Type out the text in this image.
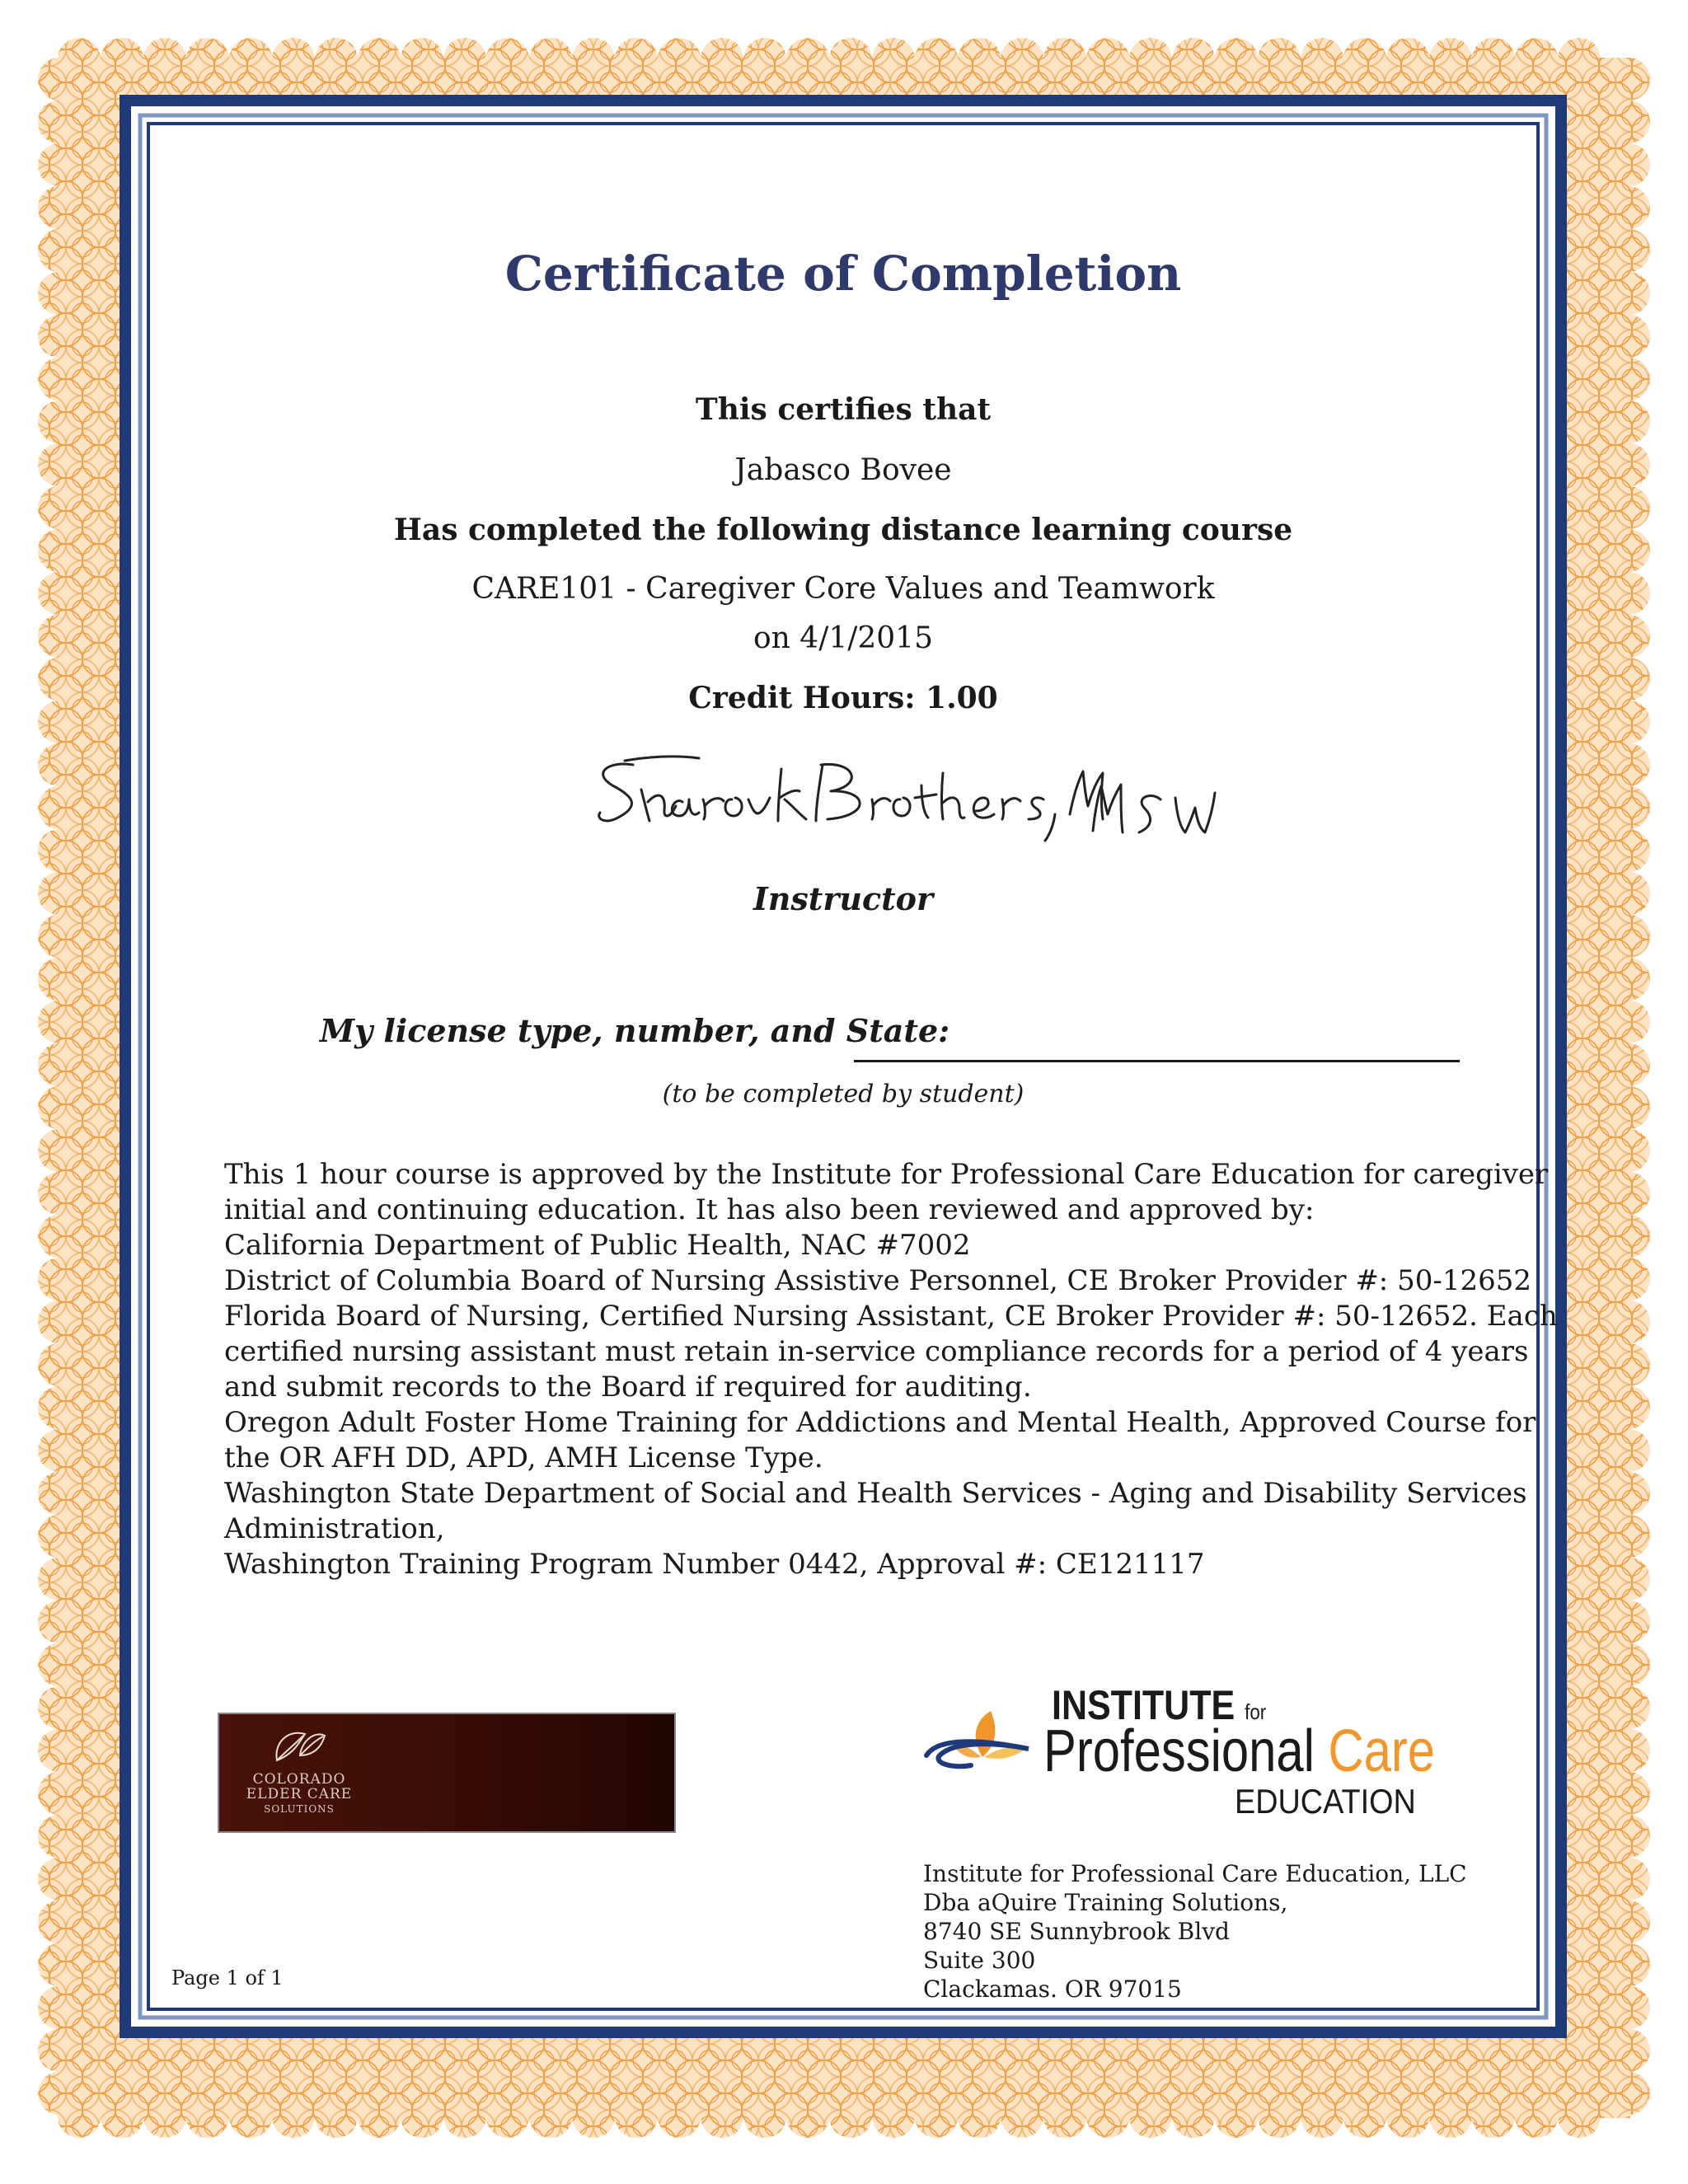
Certificate of Completion
This certifies that
Jabasco Bovee
Has completed the following distance learning course
CARE101 - Caregiver Core Values and Teamwork
on 4/1/2015
Credit Hours: 1.00
Instructor
My license type, number, and State:
(to be completed by student)
This 1 hour course is approved by the Institute for Professional Care Education for caregiver
initial and continuing education. It has also been reviewed and approved by:
California Department of Public Health, NAC #7002
District of Columbia Board of Nursing Assistive Personnel, CE Broker Provider #: 50-12652
Florida Board of Nursing, Certified Nursing Assistant, CE Broker Provider #: 50-12652. Each
certified nursing assistant must retain in-service compliance records for a period of 4 years
and submit records to the Board if required for auditing.
Oregon Adult Foster Home Training for Addictions and Mental Health, Approved Course for
the OR AFH DD, APD, AMH License Type.
Washington State Department of Social and Health Services - Aging and Disability Services
Administration,
Washington Training Program Number 0442, Approval #: CE121117
COLORADO
ELDER CARE
SOLUTIONS
INSTITUTE for
Professional Care
EDUCATION
Institute for Professional Care Education, LLC
Dba aQuire Training Solutions,
8740 SE Sunnybrook Blvd
Suite 300
Clackamas. OR 97015
Page 1 of 1
